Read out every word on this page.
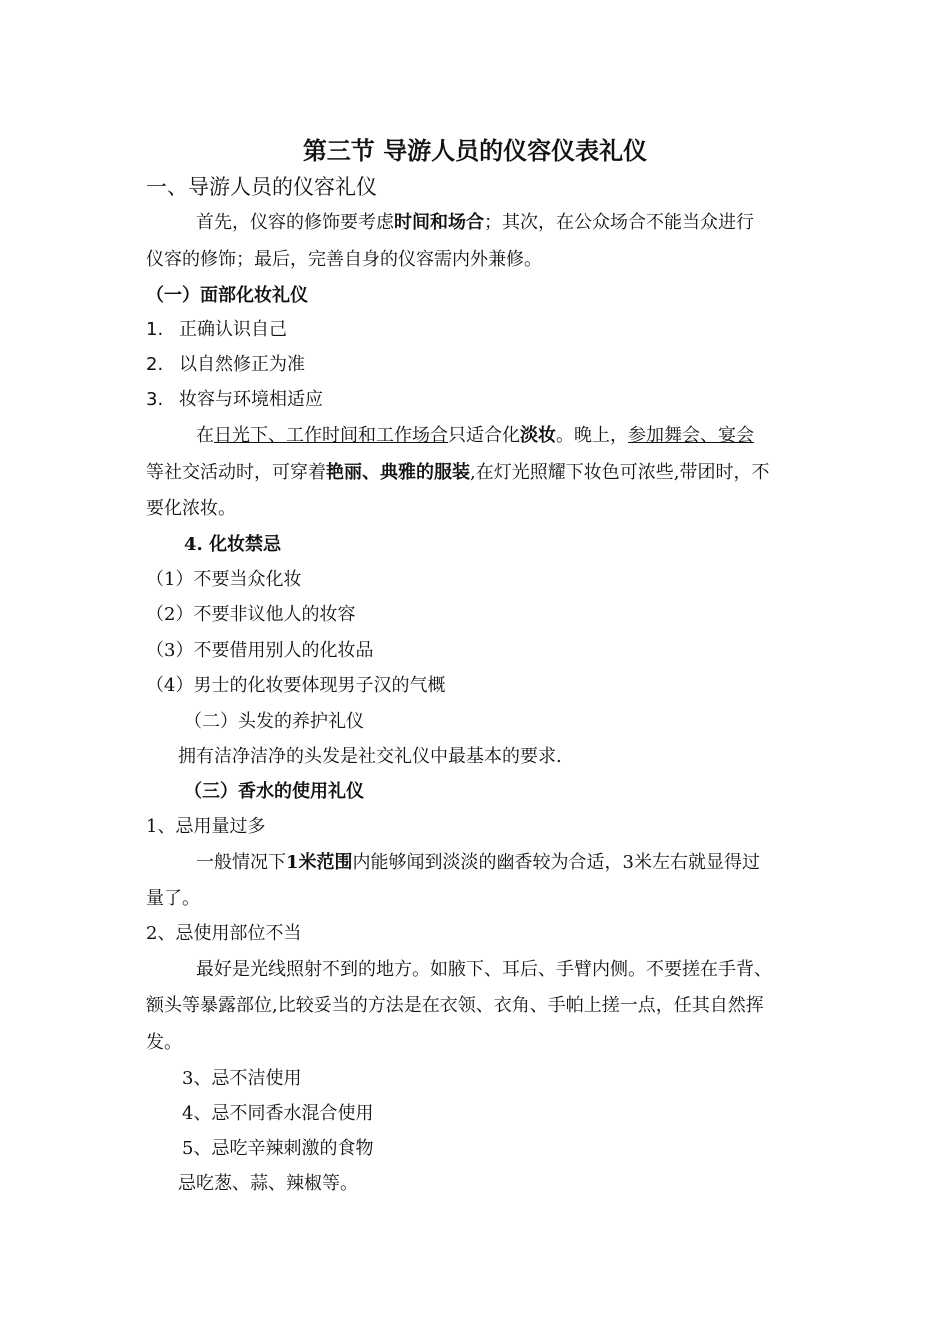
第三节 导游人员的仪容仪表礼仪
一、导游人员的仪容礼仪
首先，仪容的修饰要考虑时间和场合；其次，在公众场合不能当众进行
仪容的修饰；最后，完善自身的仪容需内外兼修。
（一）面部化妆礼仪
1. 正确认识自己
2. 以自然修正为准
3. 妆容与环境相适应
在日光下、工作时间和工作场合只适合化淡妆。晚上，参加舞会、宴会
等社交活动时，可穿着艳丽、典雅的服装,在灯光照耀下妆色可浓些,带团时，不
要化浓妆。
4. 化妆禁忌
（1）不要当众化妆
（2）不要非议他人的妆容
（3）不要借用别人的化妆品
（4）男士的化妆要体现男子汉的气概
（二）头发的养护礼仪
拥有洁净洁净的头发是社交礼仪中最基本的要求.
（三）香水的使用礼仪
1、忌用量过多
一般情况下1米范围内能够闻到淡淡的幽香较为合适，3米左右就显得过
量了。
2、忌使用部位不当
最好是光线照射不到的地方。如腋下、耳后、手臂内侧。不要搓在手背、
额头等暴露部位,比较妥当的方法是在衣领、衣角、手帕上搓一点，任其自然挥
发。
3、忌不洁使用
4、忌不同香水混合使用
5、忌吃辛辣刺激的食物
忌吃葱、蒜、辣椒等。
